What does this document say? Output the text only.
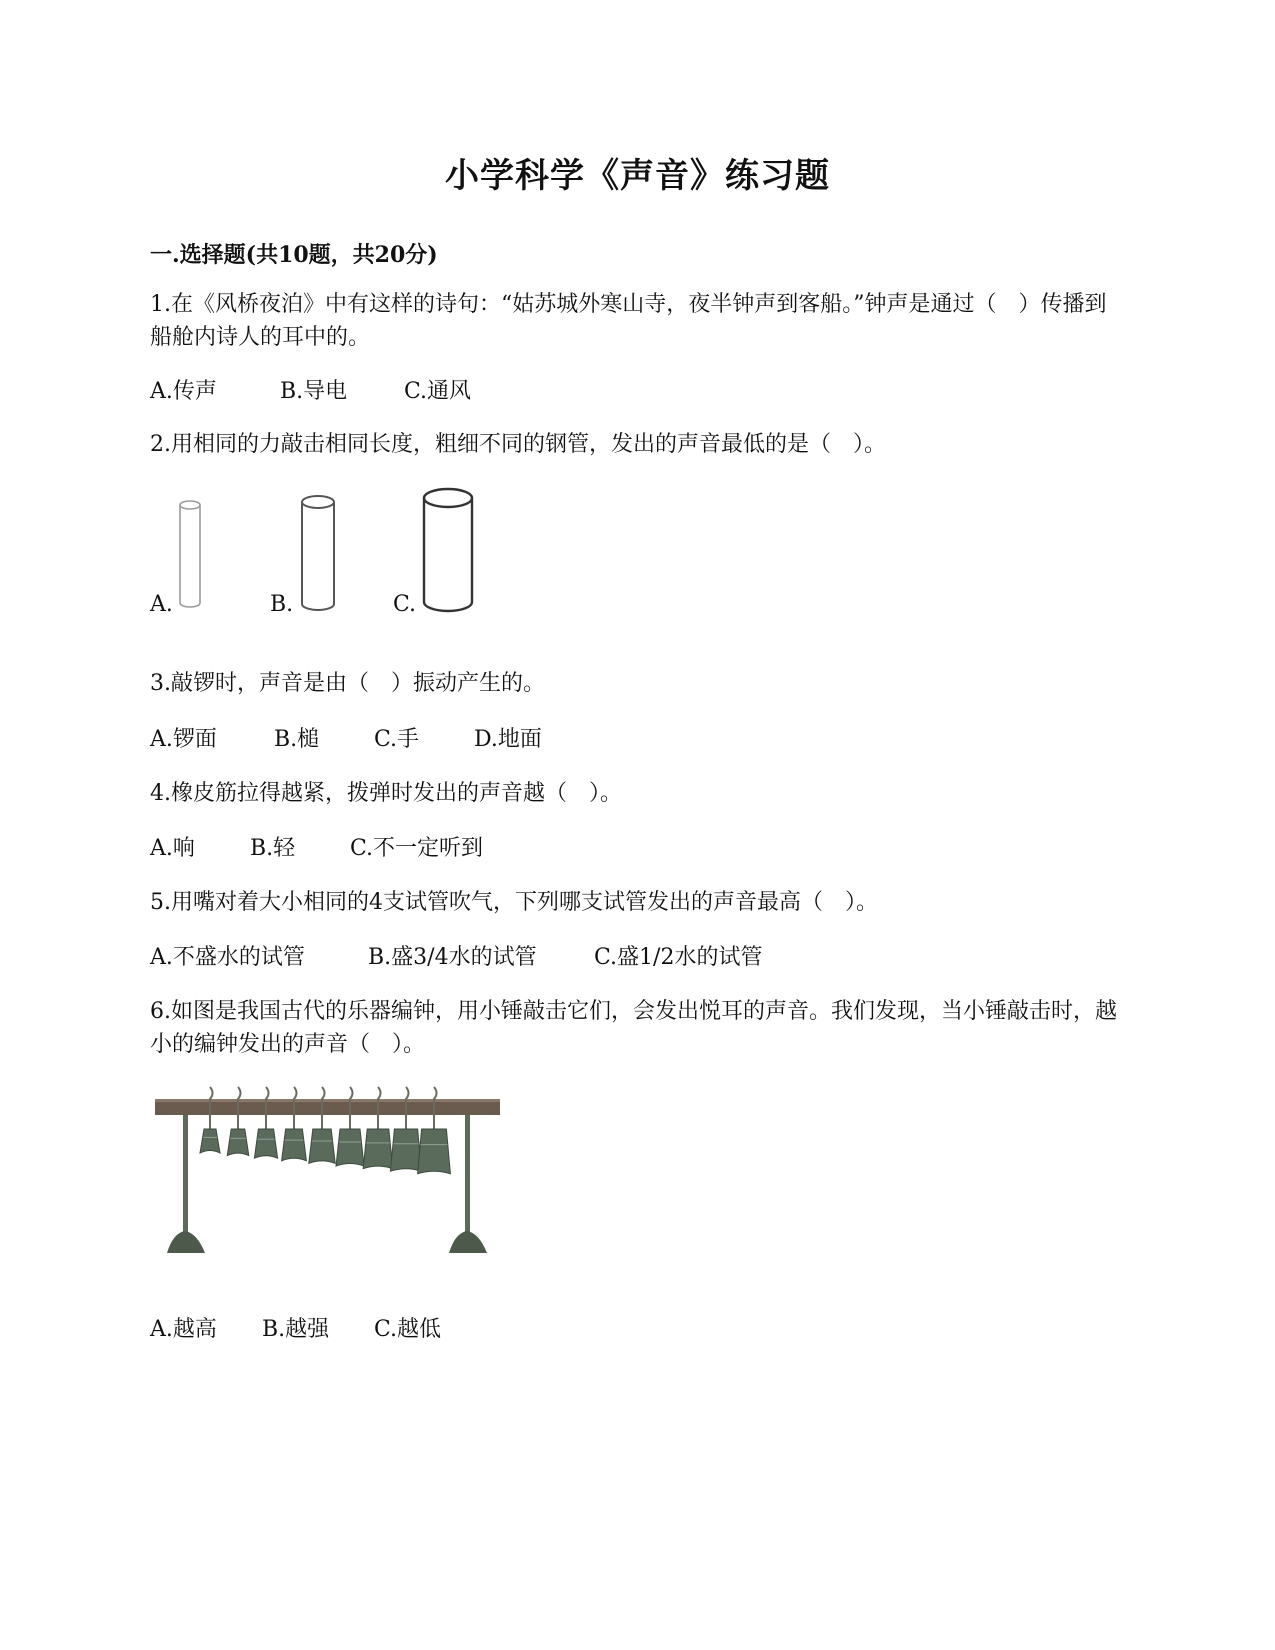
小学科学《声音》练习题
一.选择题(共10题，共20分)
1.在《风桥夜泊》中有这样的诗句：“姑苏城外寒山寺，夜半钟声到客船。”钟声是通过（　）传播到船舱内诗人的耳中的。
A.传声	B.导电	C.通风
2.用相同的力敲击相同长度，粗细不同的钢管，发出的声音最低的是（　）。
A.	B.	C.
3.敲锣时，声音是由（　）振动产生的。
A.锣面	B.槌 C.手 D.地面
4.橡皮筋拉得越紧，拨弹时发出的声音越（　）。
A.响	B.轻 C.不一定听到
5.用嘴对着大小相同的4支试管吹气，下列哪支试管发出的声音最高（　）。
A.不盛水的试管	B.盛3/4水的试管	C.盛1/2水的试管
6.如图是我国古代的乐器编钟，用小锤敲击它们，会发出悦耳的声音。我们发现，当小锤敲击时，越小的编钟发出的声音（　）。
A.越高 B.越强 C.越低
